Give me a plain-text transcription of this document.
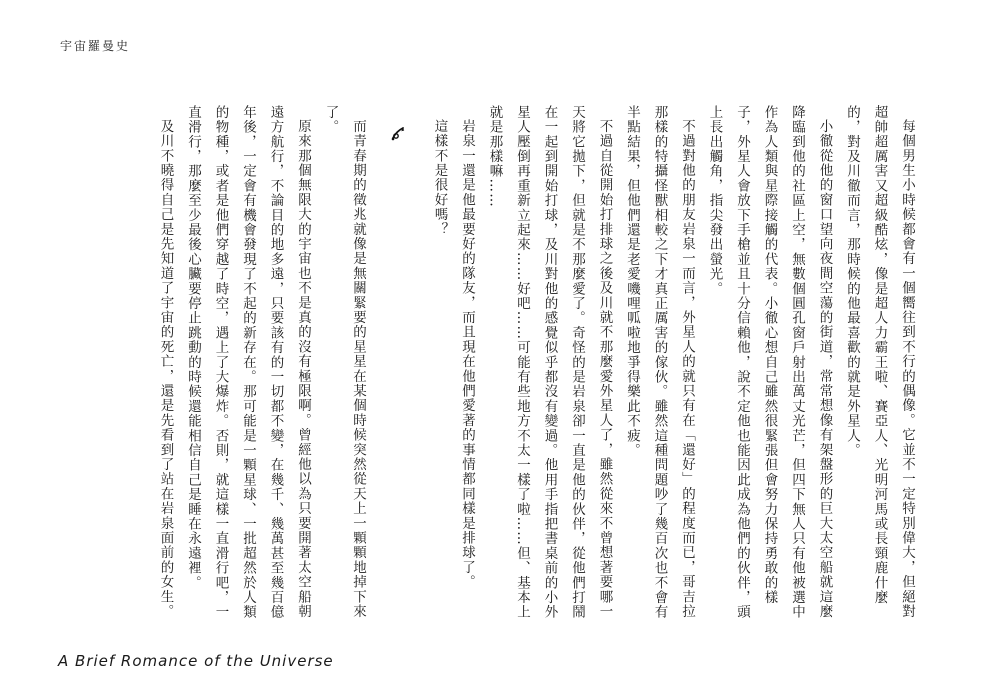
宇宙羅曼史

每個男生小時候都會有一個嚮往到不行的偶像。它並不一定特別偉大，但絕對超帥超厲害又超級酷炫，像是超人力霸王啦、賽亞人、光明河馬或長頸鹿什麼的，對及川徹而言，那時候的他最喜歡的就是外星人。

小徹從他的窗口望向夜間空蕩的街道，常常想像有架盤形的巨大太空船就這麼降臨到他的社區上空，無數個圓孔窗戶射出萬丈光芒，但四下無人只有他被選中作為人類與星際接觸的代表。小徹心想自己雖然很緊張但會努力保持勇敢的樣子，外星人會放下手槍並且十分信賴他，說不定他也能因此成為他們的伙伴，頭上長出觸角，指尖發出螢光。

不過對他的朋友岩泉一而言，外星人的就只有在「還好」的程度而已，哥吉拉那樣的特攝怪獸相較之下才真正厲害的傢伙。雖然這種問題吵了幾百次也不會有半點結果，但他們還是老愛嘰哩呱啦地爭得樂此不疲。

不過自從開始打排球之後及川就不那麼愛外星人了，雖然從來不曾想著要哪一天將它拋下，但就是不那麼愛了。奇怪的是岩泉卻一直是他的伙伴，從他們打鬧在一起到開始打球，及川對他的感覺似乎都沒有變過。他用手指把書桌前的小外星人壓倒再重新立起來……好吧……可能有些地方不太一樣了啦……但、基本上就是那樣嘛……

岩泉一還是他最要好的隊友，而且現在他們愛著的事情都同樣是排球了。

這樣不是很好嗎？

而青春期的徵兆就像是無關緊要的星星在某個時候突然從天上一顆顆地掉下來了。

原來那個無限大的宇宙也不是真的沒有極限啊。曾經他以為只要開著太空船朝遠方航行，不論目的地多遠，只要該有的一切都不變，在幾千、幾萬甚至幾百億年後，一定會有機會發現了不起的新存在。那可能是一顆星球、一批超然於人類的物種，或者是他們穿越了時空，遇上了大爆炸。否則，就這樣一直滑行吧，一直滑行，那麼至少最後心臟要停止跳動的時候還能相信自己是睡在永遠裡。

及川不曉得自己是先知道了宇宙的死亡，還是先看到了站在岩泉面前的女生。

A Brief Romance of the Universe
